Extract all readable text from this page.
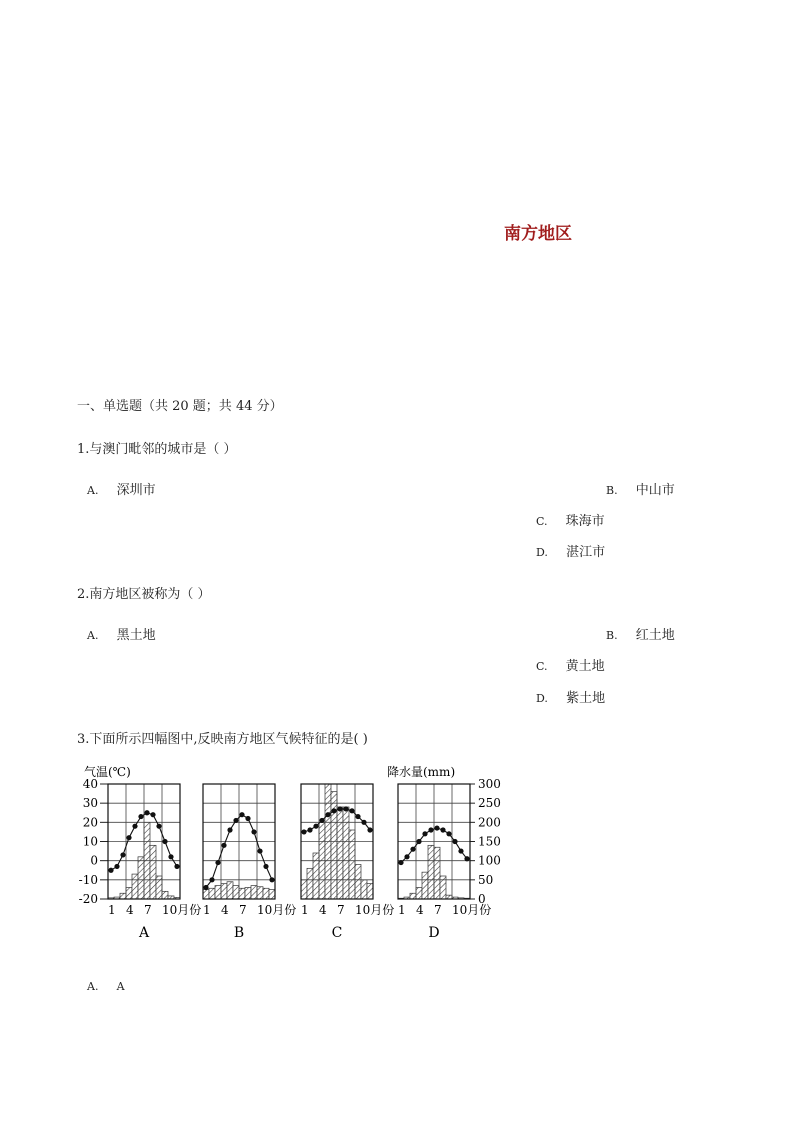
南方地区
一、单选题（共 20 题；共 44 分）
1.与澳门毗邻的城市是（ ）
A. 深圳市	B. 中山市
C. 珠海市
D. 湛江市
2.南方地区被称为（ ）
A. 黑土地	B. 红土地
C. 黄土地
D. 紫土地
3.下面所示四幅图中,反映南方地区气候特征的是( )
气温(℃)	降水量(mm)
40
30
20
10
0
-10
-20
300
250
200
150
100
50
0
1 4 7 10月份
A
1 4 7 10月份
B
1 4 7 10月份
C
1 4 7 10月份
D
A. A
